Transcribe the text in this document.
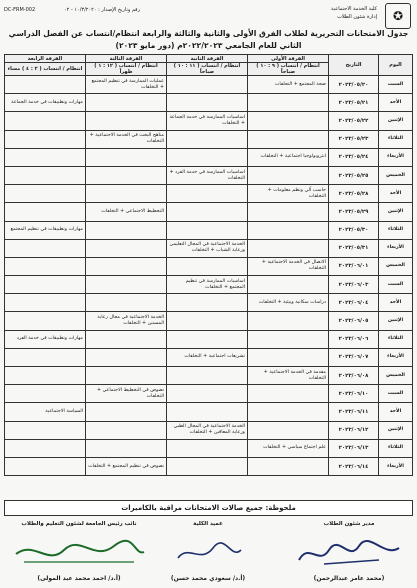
DC-FRM-002	رقم وتاريخ الإصدار : ١٠/٣/٢٠٢٠ - ٠٢	كلية الخدمة الاجتماعية
إدارة شئون الطلاب	✪
جدول الامتحانات التحريرية لطلاب الفرق الأولى والثانية والثالثة والرابعة انتظام/انتساب عن الفصل الدراسي
الثاني للعام الجامعي ٢٠٢٢/٢٠٢٣م (دور مايو ٢٠٢٣)
اليوم	التاريخ	الفرقة الأولى	الفرقة الثانية	الفرقة الثالثة	الفرقة الرابعة
		انتظام / انتساب ( ٩ : ١٠ ) صباحاً	انتظام / انتساب ( ١١ : ١٠ ) صباحاً	انتظام / انتساب ( ١٢ : ١ ) ظهراً	انتظام / انتساب ( ٢ : ٤ ) مساء
السبت	٢٠٢٣/٠٥/٢٠	صحة المجتمع + التخلفات		عمليات الممارسة في تنظيم المجتمع + التخلفات	
الأحد	٢٠٢٣/٠٥/٢١				مهارات وتطبيقات في خدمة الجماعة
الإثنين	٢٠٢٣/٠٥/٢٢		اساسيات الممارسة في خدمة الجماعة + التخلفات		
الثلاثاء	٢٠٢٣/٠٥/٢٣			مناهج البحث في الخدمة الاجتماعية + التخلفات	
الأربعاء	٢٠٢٣/٠٥/٢٤	انثروبولوجيا اجتماعية + التخلفات			
الخميس	٢٠٢٣/٠٥/٢٥		اساسيات الممارسة في خدمة الفرد + التخلفات		
الأحد	٢٠٢٣/٠٥/٢٨	حاسب آلي ونظم معلومات + التخلفات			
الإثنين	٢٠٢٣/٠٥/٢٩			التخطيط الاجتماعي + التخلفات	
الثلاثاء	٢٠٢٣/٠٥/٣٠				مهارات وتطبيقات في تنظيم المجتمع
الأربعاء	٢٠٢٣/٠٥/٣١		الخدمة الاجتماعية في المجال التعليمي ورعاية الشباب + التخلفات		
الخميس	٢٠٢٣/٠٦/٠١	الاتصال في الخدمة الاجتماعية + التخلفات			
السبت	٢٠٢٣/٠٦/٠٣		اساسيات الممارسة في تنظيم المجتمع + التخلفات		
الأحد	٢٠٢٣/٠٦/٠٤	دراسات سكانية وبيئية + التخلفات			
الإثنين	٢٠٢٣/٠٦/٠٥			الخدمة الاجتماعية في مجال رعاية المسنين + التخلفات	
الثلاثاء	٢٠٢٣/٠٦/٠٦				مهارات وتطبيقات في خدمة الفرد
الأربعاء	٢٠٢٣/٠٦/٠٧		تشريعات اجتماعية + التخلفات		
الخميس	٢٠٢٣/٠٦/٠٨	مقدمة في الخدمة الاجتماعية + التخلفات			
السبت	٢٠٢٣/٠٦/١٠			نصوص في التخطيط الاجتماعي + التخلفات	
الأحد	٢٠٢٣/٠٦/١١				السياسة الاجتماعية
الإثنين	٢٠٢٣/٠٦/١٢		الخدمة الاجتماعية في المجال الطبي ورعاية المعاقين + التخلفات		
الثلاثاء	٢٠٢٣/٠٦/١٣	علم اجتماع سياسي + التخلفات			
الأربعاء	٢٠٢٣/٠٦/١٤			نصوص في تنظيم المجتمع + التخلفات	
ملحوظة: جميع صالات الامتحانات مراقبة بالكاميرات
مدير شئون الطلاب
(محمد عامر عبدالرحمن)
عميد الكلية
(أ.د/ سعودي محمد حسن)
نائب رئيس الجامعة لشئون التعليم والطلاب
(أ.د/ احمد محمد عبد المولى)
